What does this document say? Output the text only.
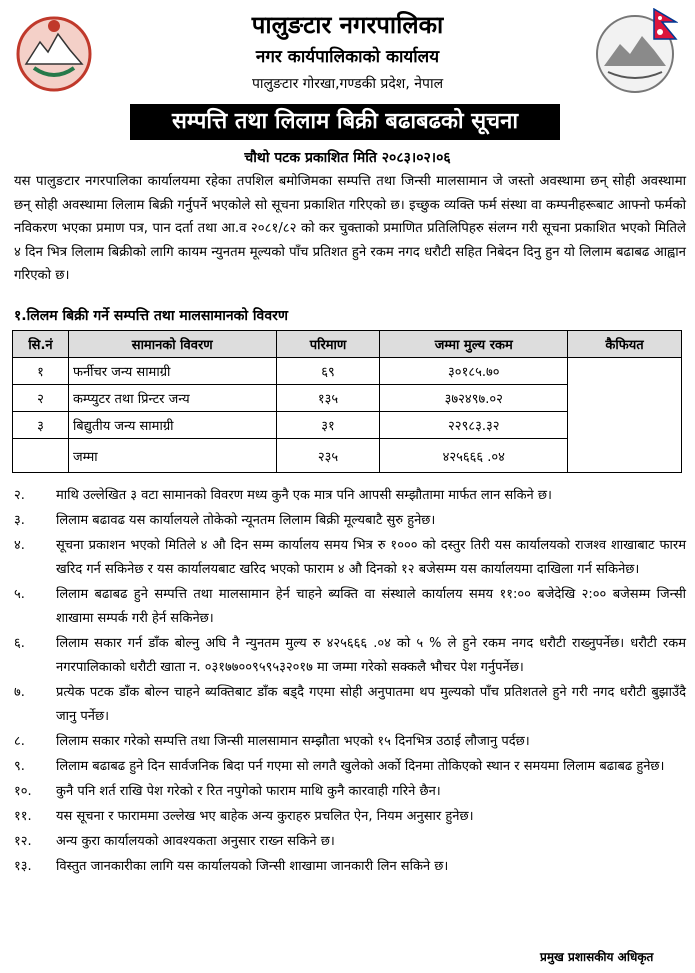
पालुङटार नगरपालिका
नगर कार्यपालिकाको कार्यालय
पालुङटार गोरखा,गण्डकी प्रदेश, नेपाल
सम्पत्ति तथा लिलाम बिक्री बढाबढको सूचना
चौथो पटक प्रकाशित मिति २०८३।०२।०६
यस पालुङटार नगरपालिका कार्यालयमा रहेका तपशिल बमोजिमका सम्पत्ति तथा जिन्सी मालसामान जे जस्तो अवस्थामा छन् सोही अवस्थामा छन् सोही अवस्थामा लिलाम बिक्री गर्नुपर्ने भएकोले सो सूचना प्रकाशित गरिएको छ। इच्छुक व्यक्ति फर्म संस्था वा कम्पनीहरूबाट आफ्नो फर्मको नविकरण भएका प्रमाण पत्र, पान दर्ता तथा आ.व २०८१/८२ को कर चुक्ताको प्रमाणित प्रतिलिपिहरु संलग्न गरी सूचना प्रकाशित भएको मितिले ४ दिन भित्र लिलाम बिक्रीको लागि कायम न्युनतम मूल्यको पाँच प्रतिशत हुने रकम नगद धरौटी सहित निबेदन दिनु हुन यो लिलाम बढाबढ आह्वान गरिएको छ।
१.लिलम बिक्री गर्ने सम्पत्ति तथा मालसामानको विवरण
सि.नं	सामानको विवरण	परिमाण	जम्मा मुल्य रकम	कैफियत
१	फर्नीचर जन्य सामाग्री	६९	३०१८५.७०	
२	कम्प्युटर तथा प्रिन्टर जन्य	१३५	३७२४९७.०२	
३	बिद्युतीय जन्य सामाग्री	३१	२२९८३.३२	
	जम्मा	२३५	४२५६६६ .०४	
२.	माथि उल्लेखित ३ वटा सामानको विवरण मध्य कुनै एक मात्र पनि आपसी सम्झौतामा मार्फत लान सकिने छ।
३.	लिलाम बढावढ यस कार्यालयले तोकेको न्यूनतम लिलाम बिक्री मूल्यबाटै सुरु हुनेछ।
४.	सूचना प्रकाशन भएको मितिले ४ औ दिन सम्म कार्यालय समय भित्र रु १००० को दस्तुर तिरी यस कार्यालयको राजश्व शाखाबाट फारम खरिद गर्न सकिनेछ र यस कार्यालयबाट खरिद भएको फाराम ४ औ दिनको १२ बजेसम्म यस कार्यालयमा दाखिला गर्न सकिनेछ।
५.	लिलाम बढाबढ हुने सम्पत्ति तथा मालसामान हेर्न चाहने ब्यक्ति वा संस्थाले कार्यालय समय ११:०० बजेदेखि २:०० बजेसम्म जिन्सी शाखामा सम्पर्क गरी हेर्न सकिनेछ।
६.	लिलाम सकार गर्न डाँक बोल्नु अघि नै न्युनतम मुल्य रु ४२५६६६ .०४ को ५ % ले हुने रकम नगद धरौटी राख्नुपर्नेछ। धरौटी रकम नगरपालिकाको धरौटी खाता न. ०३१७७००९५९५३२०१७ मा जम्मा गरेको सक्कलै भौचर पेश गर्नुपर्नेछ।
७.	प्रत्येक पटक डाँक बोल्न चाहने ब्यक्तिबाट डाँक बड्दै गएमा सोही अनुपातमा थप मुल्यको पाँच प्रतिशतले हुने गरी नगद धरौटी बुझाउँदै जानु पर्नेछ।
८.	लिलाम सकार गरेको सम्पत्ति तथा जिन्सी मालसामान सम्झौता भएको १५ दिनभित्र उठाई लौजानु पर्दछ।
९.	लिलाम बढाबढ हुने दिन सार्वजनिक बिदा पर्न गएमा सो लगतै खुलेको अर्को दिनमा तोकिएको स्थान र समयमा लिलाम बढाबढ हुनेछ।
१०.	कुनै पनि शर्त राखि पेश गरेको र रित नपुगेको फाराम माथि कुनै कारवाही गरिने छैन।
११.	यस सूचना र फाराममा उल्लेख भए बाहेक अन्य कुराहरु प्रचलित ऐन, नियम अनुसार हुनेछ।
१२.	अन्य कुरा कार्यालयको आवश्यकता अनुसार राख्न सकिने छ।
१३.	विस्तुत जानकारीका लागि यस कार्यालयको जिन्सी शाखामा जानकारी लिन सकिने छ।
प्रमुख प्रशासकीय अधिकृत
